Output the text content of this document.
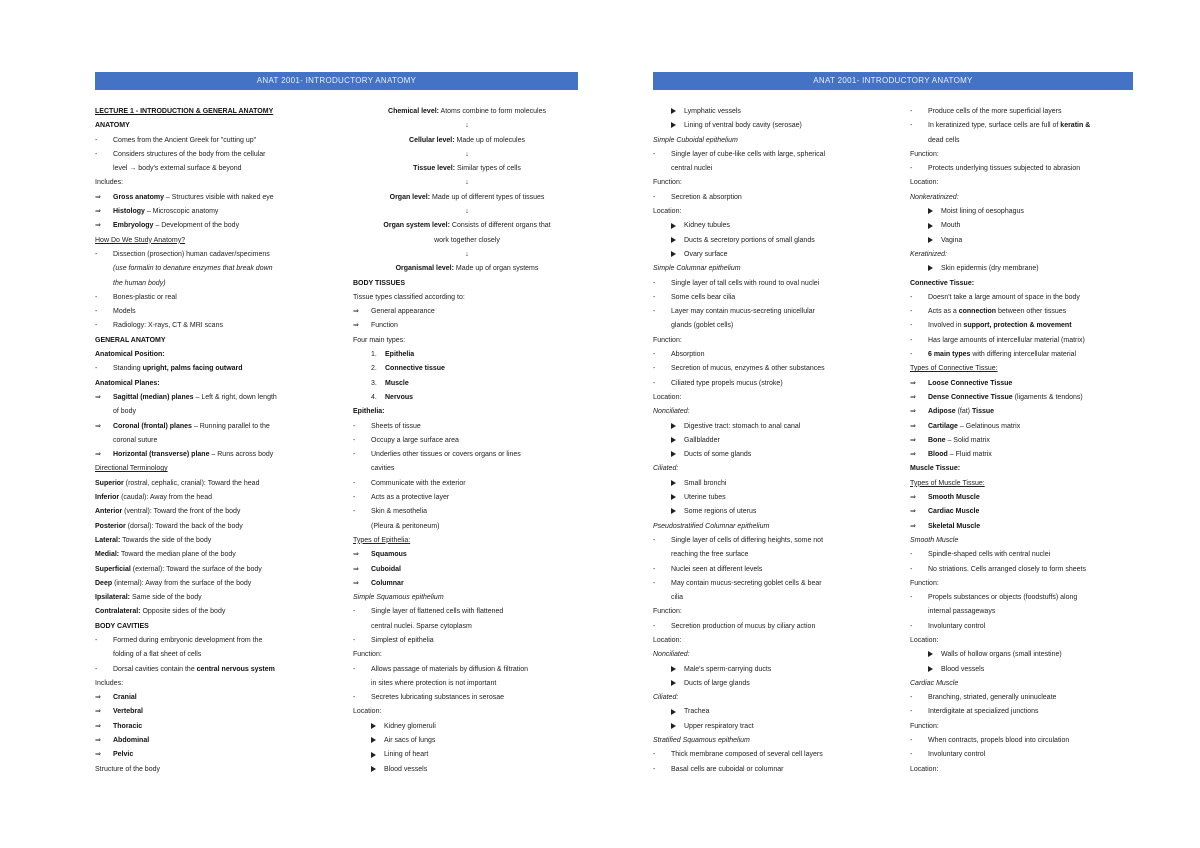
ANAT 2001- INTRODUCTORY ANATOMY
LECTURE 1 - INTRODUCTION & GENERAL ANATOMY
ANATOMY
- Comes from the Ancient Greek for "cutting up"
- Considers structures of the body from the cellular
level → body's external surface & beyond
Includes:
⇒ Gross anatomy – Structures visible with naked eye
⇒ Histology – Microscopic anatomy
⇒ Embryology – Development of the body
How Do We Study Anatomy?
- Dissection (prosection) human cadaver/specimens
(use formalin to denature enzymes that break down
the human body)
- Bones-plastic or real
- Models
- Radiology: X-rays, CT & MRI scans
GENERAL ANATOMY
Anatomical Position:
- Standing upright, palms facing outward
Anatomical Planes:
⇒ Sagittal (median) planes – Left & right, down length
of body
⇒ Coronal (frontal) planes – Running parallel to the
coronal suture
⇒ Horizontal (transverse) plane – Runs across body
Directional Terminology
Superior (rostral, cephalic, cranial): Toward the head
Inferior (caudal): Away from the head
Anterior (ventral): Toward the front of the body
Posterior (dorsal): Toward the back of the body
Lateral: Towards the side of the body
Medial: Toward the median plane of the body
Superficial (external): Toward the surface of the body
Deep (internal): Away from the surface of the body
Ipsilateral: Same side of the body
Contralateral: Opposite sides of the body
BODY CAVITIES
- Formed during embryonic development from the
folding of a flat sheet of cells
- Dorsal cavities contain the central nervous system
Includes:
⇒ Cranial
⇒ Vertebral
⇒ Thoracic
⇒ Abdominal
⇒ Pelvic
Structure of the body
Chemical level: Atoms combine to form molecules
↓
Cellular level: Made up of molecules
↓
Tissue level: Similar types of cells
↓
Organ level: Made up of different types of tissues
↓
Organ system level: Consists of different organs that
work together closely
↓
Organismal level: Made up of organ systems
BODY TISSUES
Tissue types classified according to:
⇒ General appearance
⇒ Function
Four main types:
1. Epithelia
2. Connective tissue
3. Muscle
4. Nervous
Epithelia:
- Sheets of tissue
- Occupy a large surface area
- Underlies other tissues or covers organs or lines
cavities
- Communicate with the exterior
- Acts as a protective layer
- Skin & mesothelia
(Pleura & peritoneum)
Types of Epithelia:
⇒ Squamous
⇒ Cuboidal
⇒ Columnar
Simple Squamous epithelium
- Single layer of flattened cells with flattened
central nuclei. Sparse cytoplasm
- Simplest of epithelia
Function:
- Allows passage of materials by diffusion & filtration
in sites where protection is not important
- Secretes lubricating substances in serosae
Location:
Kidney glomeruli
Air sacs of lungs
Lining of heart
Blood vessels
ANAT 2001- INTRODUCTORY ANATOMY
Lymphatic vessels
Lining of ventral body cavity (serosae)
Simple Cuboidal epithelium
- Single layer of cube-like cells with large, spherical
central nuclei
Function:
- Secretion & absorption
Location:
Kidney tubules
Ducts & secretory portions of small glands
Ovary surface
Simple Columnar epithelium
- Single layer of tall cells with round to oval nuclei
- Some cells bear cilia
- Layer may contain mucus-secreting unicellular
glands (goblet cells)
Function:
- Absorption
- Secretion of mucus, enzymes & other substances
- Ciliated type propels mucus (stroke)
Location:
Nonciliated:
Digestive tract: stomach to anal canal
Gallbladder
Ducts of some glands
Ciliated:
Small bronchi
Uterine tubes
Some regions of uterus
Pseudostratified Columnar epithelium
- Single layer of cells of differing heights, some not
reaching the free surface
- Nuclei seen at different levels
- May contain mucus-secreting goblet cells & bear
cilia
Function:
- Secretion production of mucus by ciliary action
Location:
Nonciliated:
Male's sperm-carrying ducts
Ducts of large glands
Ciliated:
Trachea
Upper respiratory tract
Stratified Squamous epithelium
- Thick membrane composed of several cell layers
- Basal cells are cuboidal or columnar
- Produce cells of the more superficial layers
- In keratinized type, surface cells are full of keratin &
dead cells
Function:
- Protects underlying tissues subjected to abrasion
Location:
Nonkeratinized:
Moist lining of oesophagus
Mouth
Vagina
Keratinized:
Skin epidermis (dry membrane)
Connective Tissue:
- Doesn't take a large amount of space in the body
- Acts as a connection between other tissues
- Involved in support, protection & movement
- Has large amounts of intercellular material (matrix)
- 6 main types with differing intercellular material
Types of Connective Tissue:
⇒ Loose Connective Tissue
⇒ Dense Connective Tissue (ligaments & tendons)
⇒ Adipose (fat) Tissue
⇒ Cartilage – Gelatinous matrix
⇒ Bone – Solid matrix
⇒ Blood – Fluid matrix
Muscle Tissue:
Types of Muscle Tissue:
⇒ Smooth Muscle
⇒ Cardiac Muscle
⇒ Skeletal Muscle
Smooth Muscle
- Spindle-shaped cells with central nuclei
- No striations. Cells arranged closely to form sheets
Function:
- Propels substances or objects (foodstuffs) along
internal passageways
- Involuntary control
Location:
Walls of hollow organs (small intestine)
Blood vessels
Cardiac Muscle
- Branching, striated, generally uninucleate
- Interdigitate at specialized junctions
Function:
- When contracts, propels blood into circulation
- Involuntary control
Location:
